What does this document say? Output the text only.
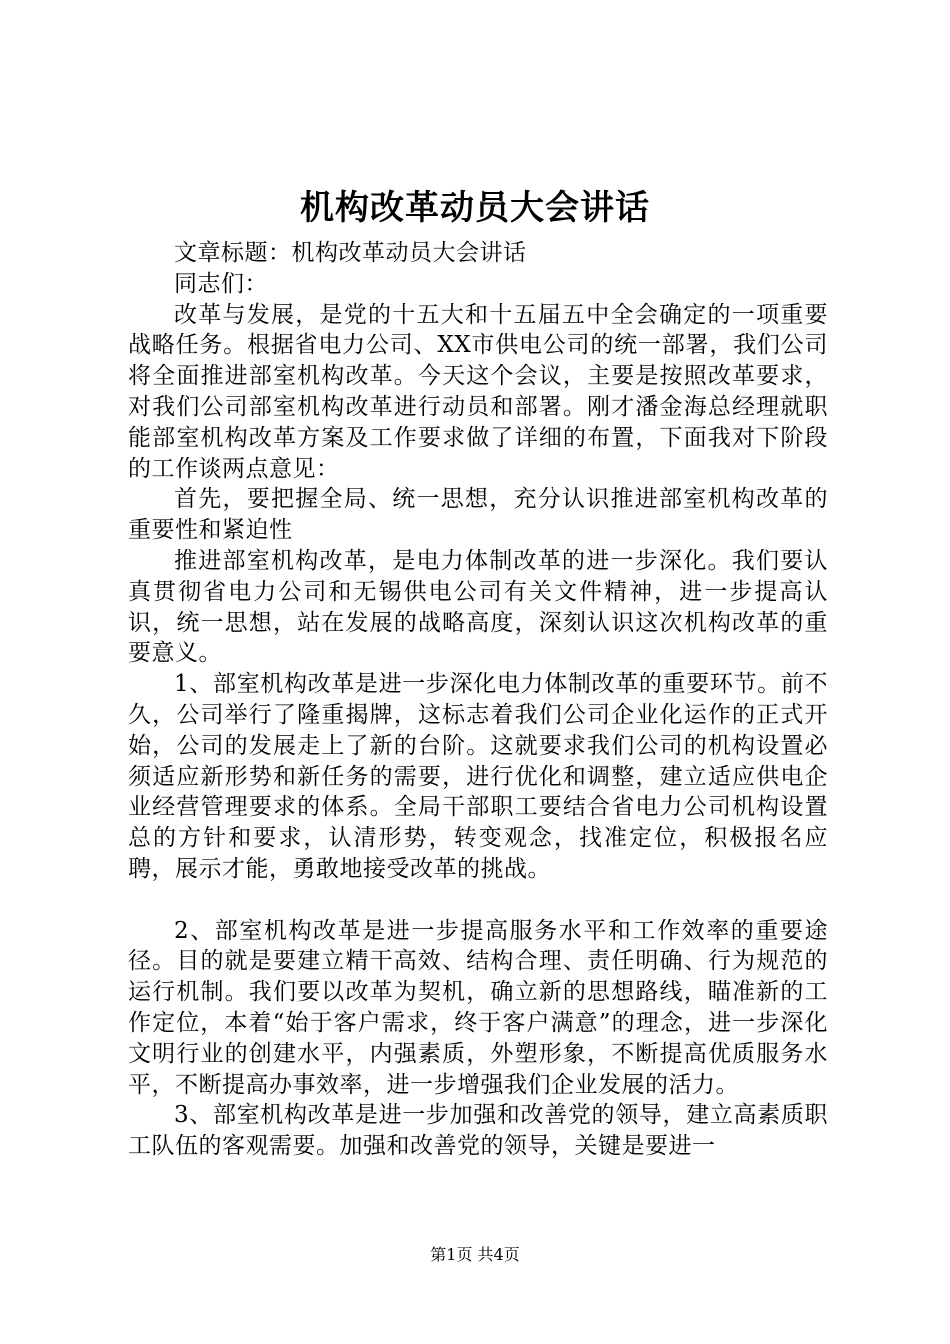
机构改革动员大会讲话

文章标题：机构改革动员大会讲话

同志们：

改革与发展，是党的十五大和十五届五中全会确定的一项重要战略任务。根据省电力公司、XX市供电公司的统一部署，我们公司将全面推进部室机构改革。今天这个会议，主要是按照改革要求，对我们公司部室机构改革进行动员和部署。刚才潘金海总经理就职能部室机构改革方案及工作要求做了详细的布置，下面我对下阶段的工作谈两点意见：

首先，要把握全局、统一思想，充分认识推进部室机构改革的重要性和紧迫性

推进部室机构改革，是电力体制改革的进一步深化。我们要认真贯彻省电力公司和无锡供电公司有关文件精神，进一步提高认识，统一思想，站在发展的战略高度，深刻认识这次机构改革的重要意义。

1、部室机构改革是进一步深化电力体制改革的重要环节。前不久，公司举行了隆重揭牌，这标志着我们公司企业化运作的正式开始，公司的发展走上了新的台阶。这就要求我们公司的机构设置必须适应新形势和新任务的需要，进行优化和调整，建立适应供电企业经营管理要求的体系。全局干部职工要结合省电力公司机构设置总的方针和要求，认清形势，转变观念，找准定位，积极报名应聘，展示才能，勇敢地接受改革的挑战。

2、部室机构改革是进一步提高服务水平和工作效率的重要途径。目的就是要建立精干高效、结构合理、责任明确、行为规范的运行机制。我们要以改革为契机，确立新的思想路线，瞄准新的工作定位，本着“始于客户需求，终于客户满意”的理念，进一步深化文明行业的创建水平，内强素质，外塑形象，不断提高优质服务水平，不断提高办事效率，进一步增强我们企业发展的活力。

3、部室机构改革是进一步加强和改善党的领导，建立高素质职工队伍的客观需要。加强和改善党的领导，关键是要进一

第1页 共4页
